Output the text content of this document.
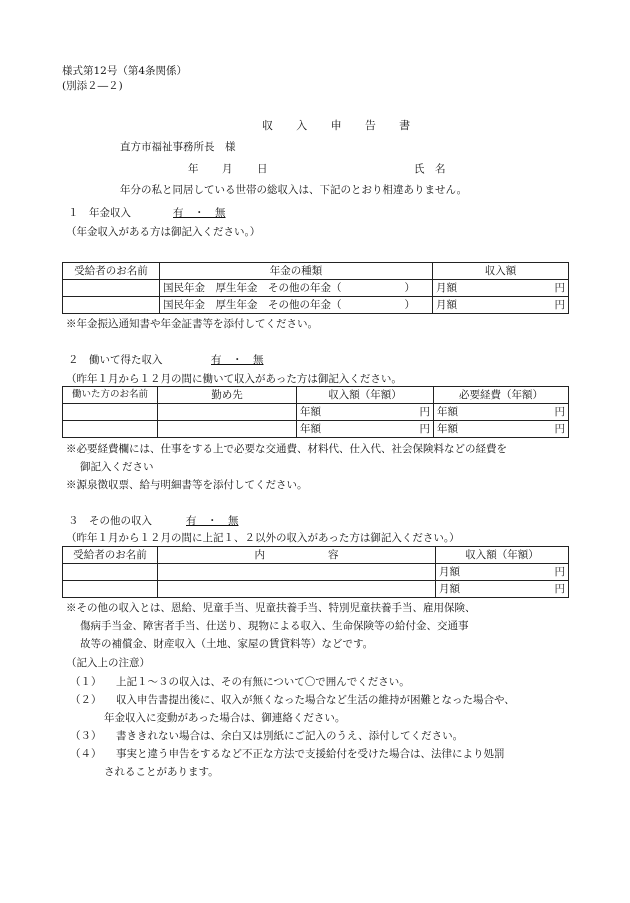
様式第12号（第4条関係）
(別添２―２)
収 入 申 告 書
直方市福祉事務所長　様
年 月 日	氏　名
年分の私と同居している世帯の総収入は、下記のとおり相違ありません。
１　年金収入	有　・　無
（年金収入がある方は御記入ください。）
受給者のお名前	年金の種類	収入額
	国民年金　厚生年金　その他の年金（　　　　　　）	月額 円

	国民年金　厚生年金　その他の年金（　　　　　　）	月額 円
※年金振込通知書や年金証書等を添付してください。
２　働いて得た収入	有　・　無
（昨年１月から１２月の間に働いて収入があった方は御記入ください。
働いた方のお名前	勤め先	収入額（年額）	必要経費（年額）

		年額 円	年額 円

		年額 円	年額 円
※必要経費欄には、仕事をする上で必要な交通費、材料代、仕入代、社会保険料などの経費を
御記入ください
※源泉徴収票、給与明細書等を添付してください。
３　その他の収入	有　・　無
（昨年１月から１２月の間に上記１、２以外の収入があった方は御記入ください。）
受給者のお名前	内　　　　　　容	収入額（年額）

		月額 円

		月額 円
※その他の収入とは、恩給、児童手当、児童扶養手当、特別児童扶養手当、雇用保険、
傷病手当金、障害者手当、仕送り、現物による収入、生命保険等の給付金、交通事
故等の補償金、財産収入（土地、家屋の賃貸料等）などです。
（記入上の注意）
（１） 上記１～３の収入は、その有無について〇で囲んでください。
（２） 収入申告書提出後に、収入が無くなった場合など生活の維持が困難となった場合や、
年金収入に変動があった場合は、御連絡ください。
（３） 書ききれない場合は、余白又は別紙にご記入のうえ、添付してください。
（４） 事実と違う申告をするなど不正な方法で支援給付を受けた場合は、法律により処罰
されることがあります。
